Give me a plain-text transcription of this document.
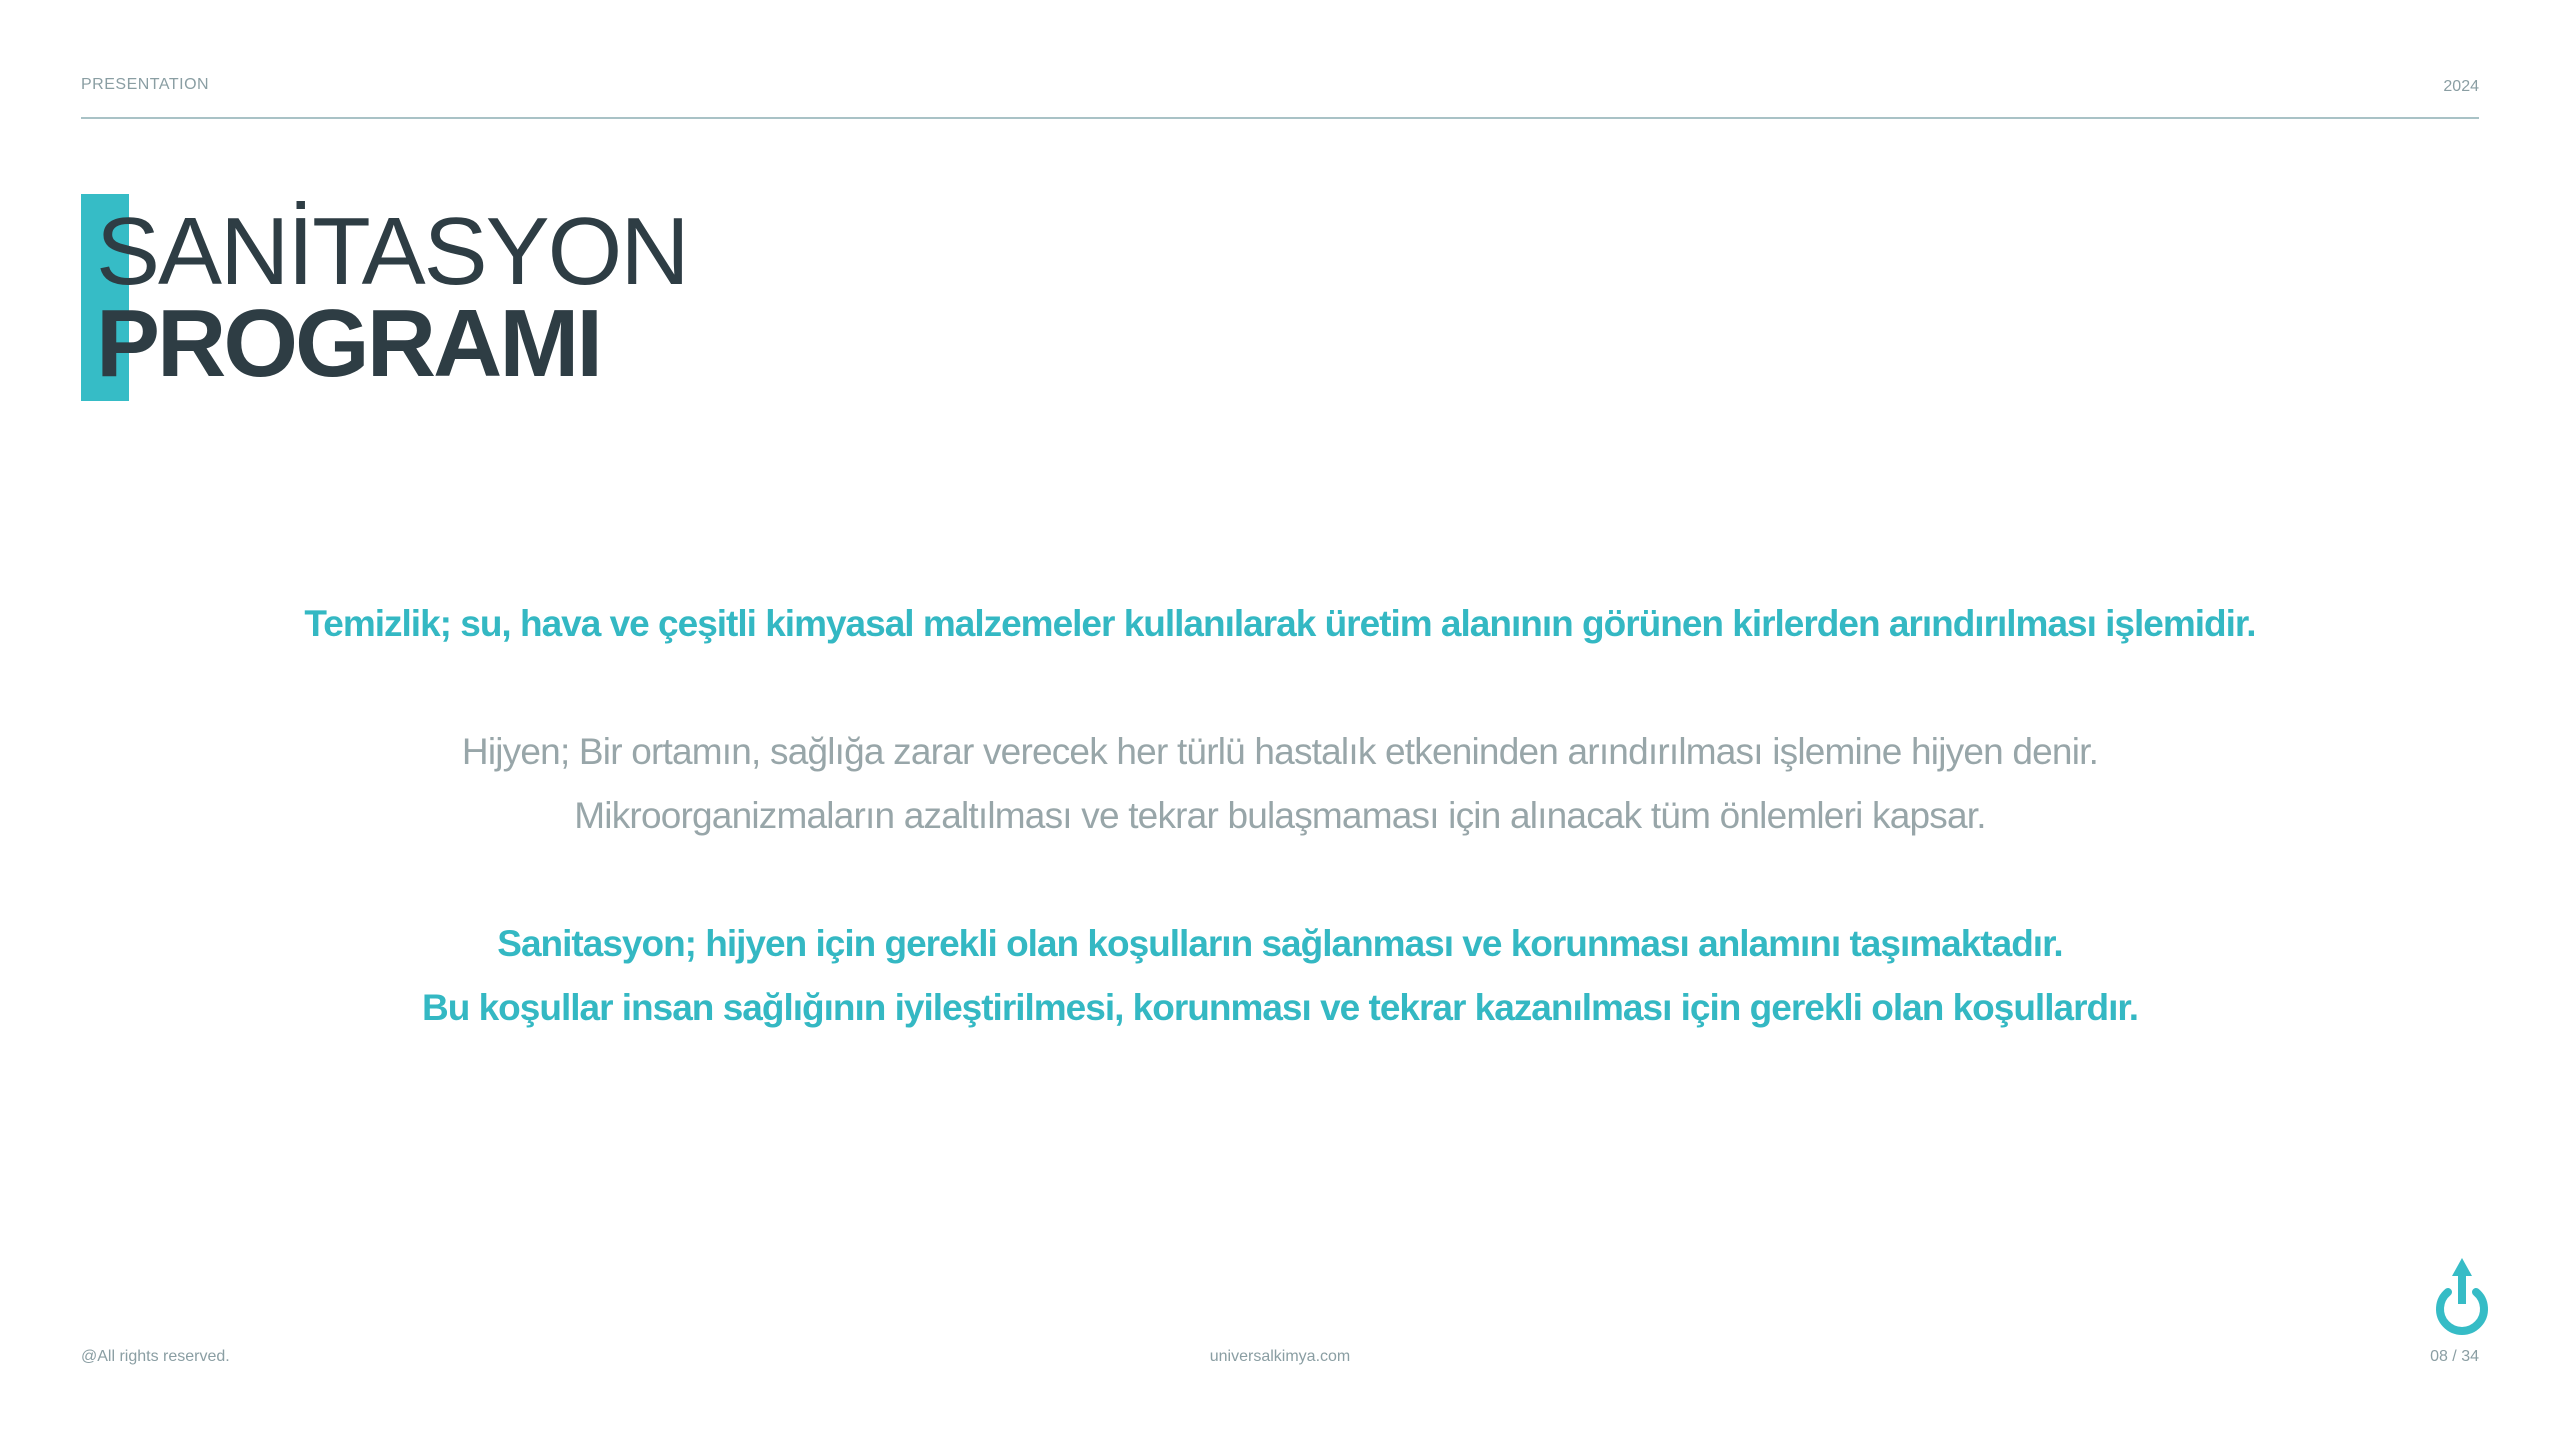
PRESENTATION	2024
SANİTASYON
PROGRAMI
Temizlik; su, hava ve çeşitli kimyasal malzemeler kullanılarak üretim alanının görünen kirlerden arındırılması işlemidir.
Hijyen; Bir ortamın, sağlığa zarar verecek her türlü hastalık etkeninden arındırılması işlemine hijyen denir.
Mikroorganizmaların azaltılması ve tekrar bulaşmaması için alınacak tüm önlemleri kapsar.
Sanitasyon; hijyen için gerekli olan koşulların sağlanması ve korunması anlamını taşımaktadır.
Bu koşullar insan sağlığının iyileştirilmesi, korunması ve tekrar kazanılması için gerekli olan koşullardır.
@All rights reserved.	universalkimya.com	08 / 34
